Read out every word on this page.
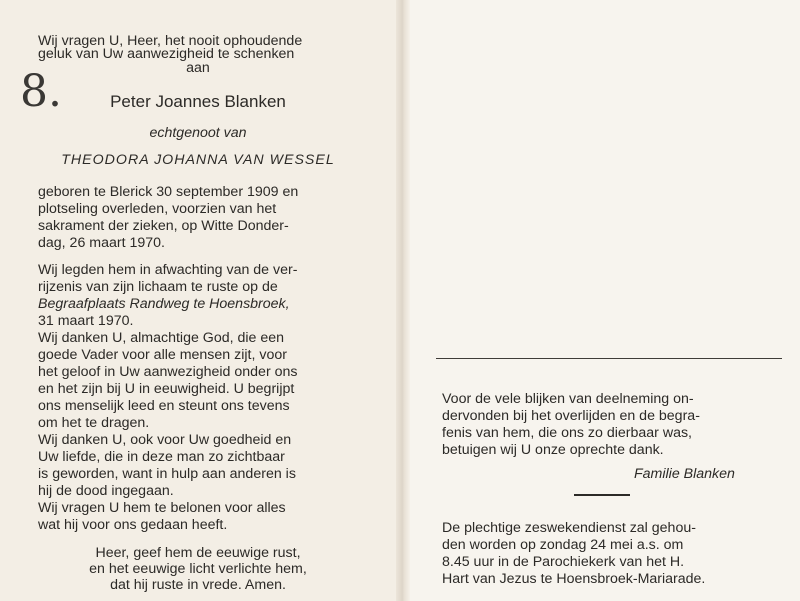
8.
Wij vragen U, Heer, het nooit ophoudende
geluk van Uw aanwezigheid te schenken
aan
Peter Joannes Blanken
echtgenoot van
THEODORA JOHANNA VAN WESSEL
geboren te Blerick 30 september 1909 en
plotseling overleden, voorzien van het
sakrament der zieken, op Witte Donder-
dag, 26 maart 1970.
Wij legden hem in afwachting van de ver-
rijzenis van zijn lichaam te ruste op de
Begraafplaats Randweg te Hoensbroek,
31 maart 1970.
Wij danken U, almachtige God, die een
goede Vader voor alle mensen zijt, voor
het geloof in Uw aanwezigheid onder ons
en het zijn bij U in eeuwigheid. U begrijpt
ons menselijk leed en steunt ons tevens
om het te dragen.
Wij danken U, ook voor Uw goedheid en
Uw liefde, die in deze man zo zichtbaar
is geworden, want in hulp aan anderen is
hij de dood ingegaan.
Wij vragen U hem te belonen voor alles
wat hij voor ons gedaan heeft.
Heer, geef hem de eeuwige rust,
en het eeuwige licht verlichte hem,
dat hij ruste in vrede. Amen.
Voor de vele blijken van deelneming on-
dervonden bij het overlijden en de begra-
fenis van hem, die ons zo dierbaar was,
betuigen wij U onze oprechte dank.
Familie Blanken
De plechtige zeswekendienst zal gehou-
den worden op zondag 24 mei a.s. om
8.45 uur in de Parochiekerk van het H.
Hart van Jezus te Hoensbroek-Mariarade.
